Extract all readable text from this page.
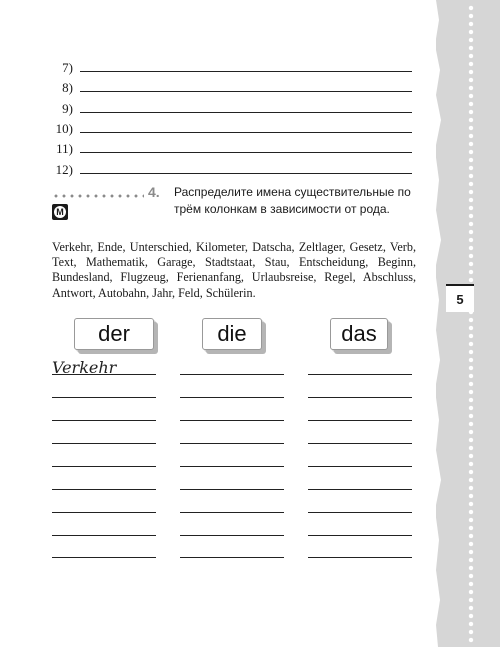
7)
8)
9)
10)
11)
12)
4. Распределите имена существительные по трём колонкам в зависимости от рода.
M
Verkehr, Ende, Unterschied, Kilometer, Datscha, Zeltlager, Gesetz, Verb, Text, Mathematik, Garage, Stadtstaat, Stau, Entscheidung, Beginn, Bundesland, Flugzeug, Ferienanfang, Urlaubsreise, Regel, Abschluss, Antwort, Autobahn, Jahr, Feld, Schülerin.
der	die	das
Verkehr
5
